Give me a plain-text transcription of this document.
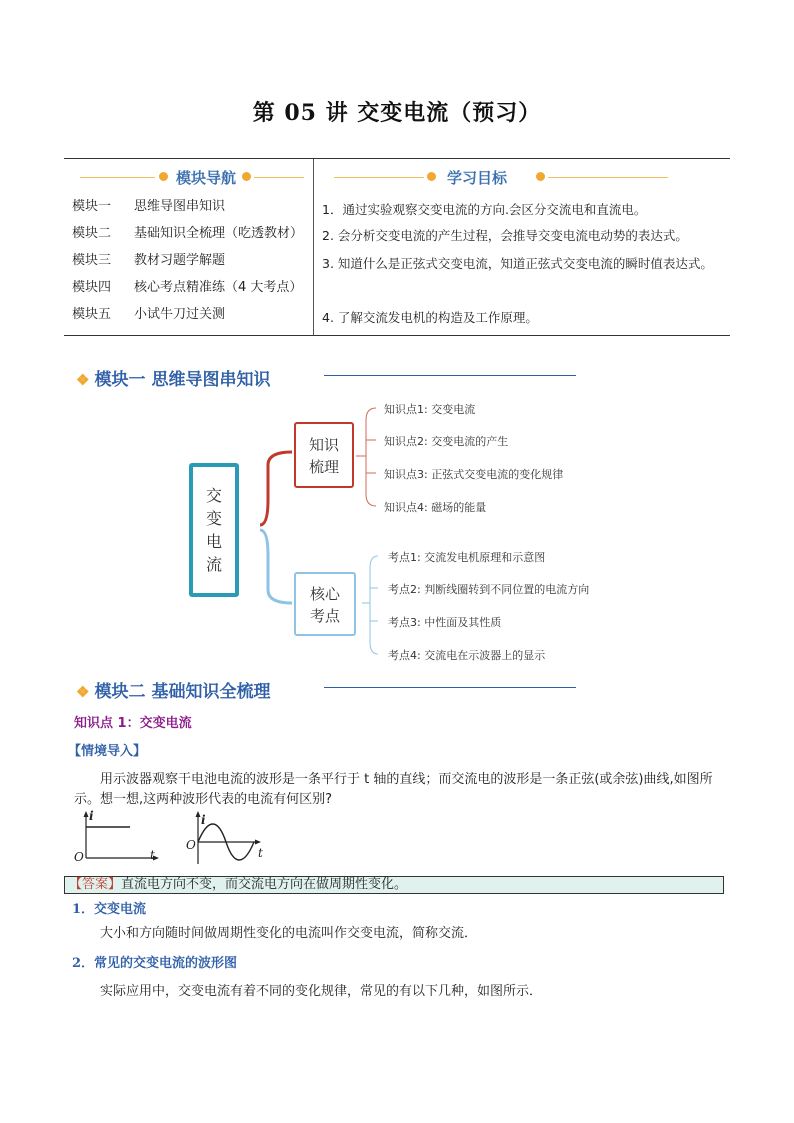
第 05 讲 交变电流（预习）
模块导航	学习目标
模块一 思维导图串知识
模块二 基础知识全梳理（吃透教材）
模块三 教材习题学解题
模块四 核心考点精准练（4 大考点）
模块五 小试牛刀过关测
1．通过实验观察交变电流的方向.会区分交流电和直流电。
2. 会分析交变电流的产生过程，会推导交变电流电动势的表达式。
3. 知道什么是正弦式交变电流，知道正弦式交变电流的瞬时值表达式。
4. 了解交流发电机的构造及工作原理。
❖ 模块一 思维导图串知识
交
变
电
流
知识
梳理
核心
考点
知识点1: 交变电流
知识点2: 交变电流的产生
知识点3: 正弦式交变电流的变化规律
知识点4: 磁场的能量
考点1: 交流发电机原理和示意图
考点2: 判断线圈转到不同位置的电流方向
考点3: 中性面及其性质
考点4: 交流电在示波器上的显示
❖ 模块二 基础知识全梳理
知识点 1：交变电流
【情境导入】
用示波器观察干电池电流的波形是一条平行于 t 轴的直线；而交流电的波形是一条正弦(或余弦)曲线,如图所示。想一想,这两种波形代表的电流有何区别?
i
O	t
i
O
t
【答案】直流电方向不变，而交流电方向在做周期性变化。
1．交变电流
大小和方向随时间做周期性变化的电流叫作交变电流，简称交流．
2．常见的交变电流的波形图
实际应用中，交变电流有着不同的变化规律，常见的有以下几种，如图所示．
